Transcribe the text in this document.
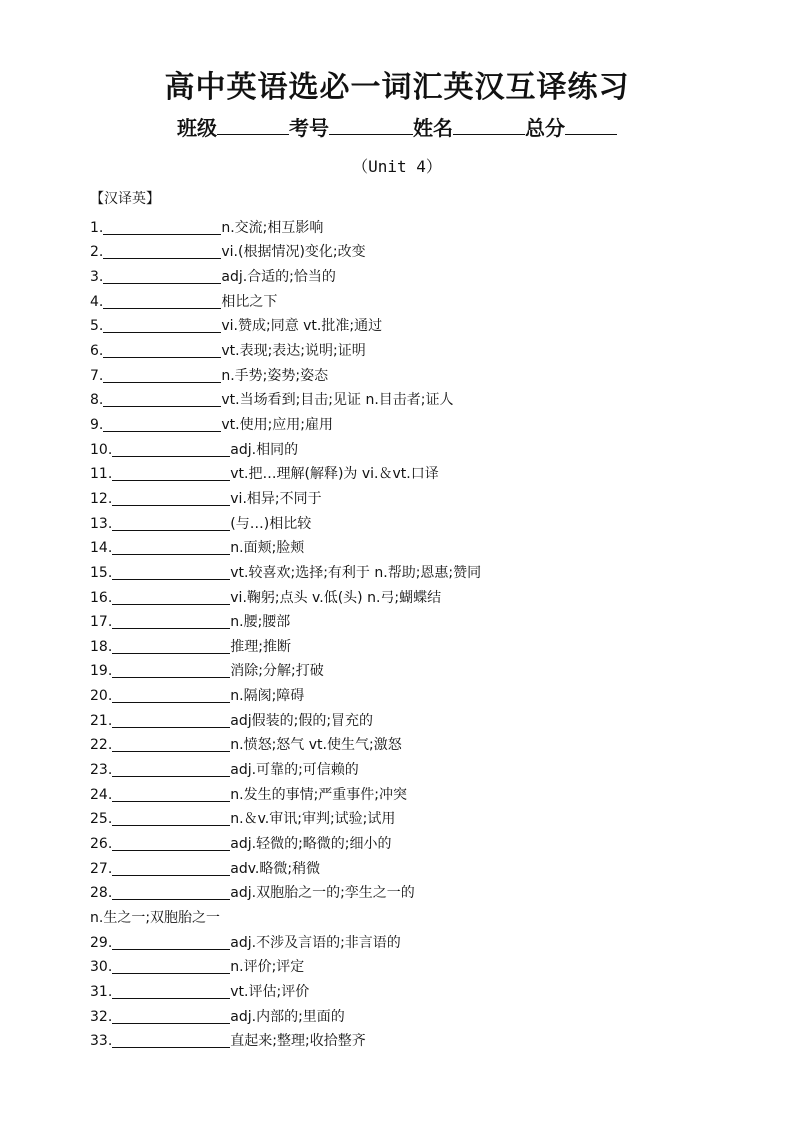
高中英语选必一词汇英汉互译练习
班级	考号	姓名	总分
（Unit 4）
【汉译英】
1.	n.交流;相互影响
2.	vi.(根据情况)变化;改变
3.	adj.合适的;恰当的
4.	相比之下
5.	vi.赞成;同意 vt.批准;通过
6.	vt.表现;表达;说明;证明
7.	n.手势;姿势;姿态
8.	vt.当场看到;目击;见证 n.目击者;证人
9.	vt.使用;应用;雇用
10.	adj.相同的
11.	vt.把…理解(解释)为 vi.＆vt.口译
12.	vi.相异;不同于
13.	(与…)相比较
14.	n.面颊;脸颊
15.	vt.较喜欢;选择;有利于 n.帮助;恩惠;赞同
16.	vi.鞠躬;点头 v.低(头) n.弓;蝴蝶结
17.	n.腰;腰部
18.	推理;推断
19.	消除;分解;打破
20.	n.隔阂;障碍
21.	adj假装的;假的;冒充的
22.	n.愤怒;怒气 vt.使生气;激怒
23.	adj.可靠的;可信赖的
24.	n.发生的事情;严重事件;冲突
25.	n.＆v.审讯;审判;试验;试用
26.	adj.轻微的;略微的;细小的
27.	adv.略微;稍微
28.	adj.双胞胎之一的;孪生之一的
n.生之一;双胞胎之一
29.	adj.不涉及言语的;非言语的
30.	n.评价;评定
31.	vt.评估;评价
32.	adj.内部的;里面的
33.	直起来;整理;收拾整齐
